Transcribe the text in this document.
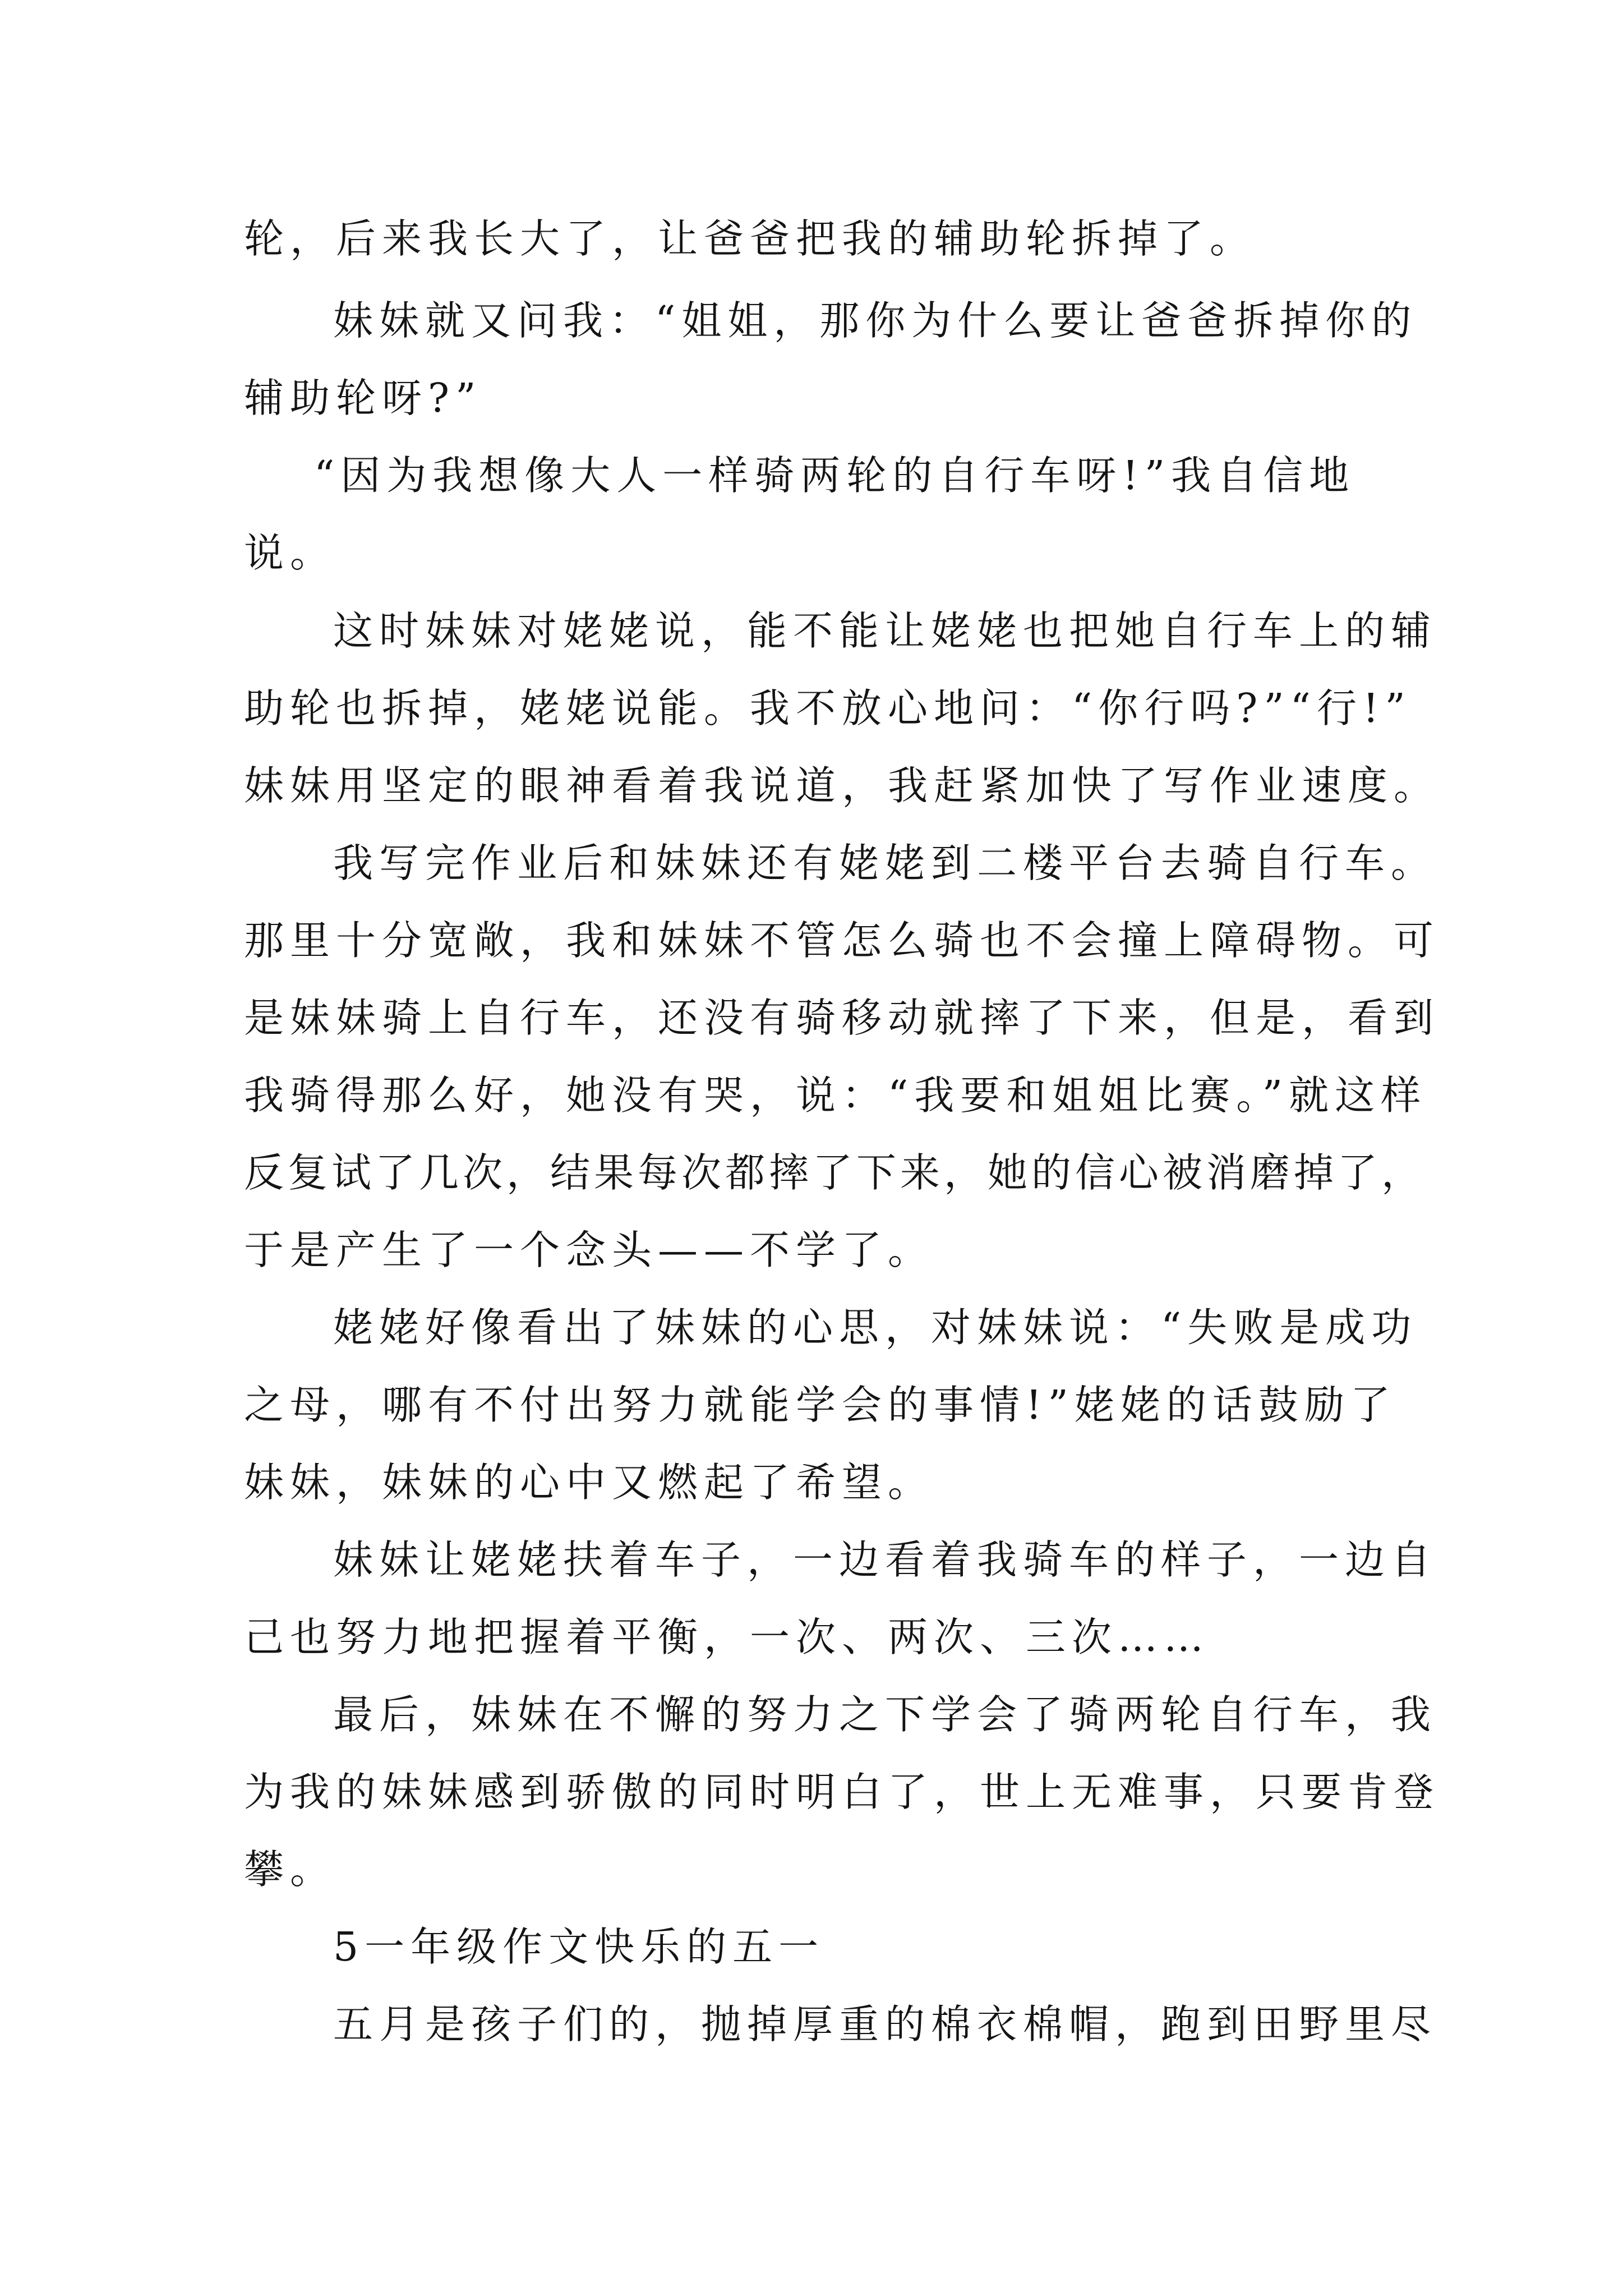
轮，后来我长大了，让爸爸把我的辅助轮拆掉了。

妹妹就又问我：“姐姐，那你为什么要让爸爸拆掉你的

辅助轮呀?”

“因为我想像大人一样骑两轮的自行车呀!”我自信地

说。

这时妹妹对姥姥说，能不能让姥姥也把她自行车上的辅

助轮也拆掉，姥姥说能。我不放心地问：“你行吗?”“行!”

妹妹用坚定的眼神看着我说道，我赶紧加快了写作业速度。

我写完作业后和妹妹还有姥姥到二楼平台去骑自行车。

那里十分宽敞，我和妹妹不管怎么骑也不会撞上障碍物。可

是妹妹骑上自行车，还没有骑移动就摔了下来，但是，看到

我骑得那么好，她没有哭，说：“我要和姐姐比赛。”就这样

反复试了几次，结果每次都摔了下来，她的信心被消磨掉了，

于是产生了一个念头——不学了。

姥姥好像看出了妹妹的心思，对妹妹说：“失败是成功

之母，哪有不付出努力就能学会的事情!”姥姥的话鼓励了

妹妹，妹妹的心中又燃起了希望。

妹妹让姥姥扶着车子，一边看着我骑车的样子，一边自

己也努力地把握着平衡，一次、两次、三次……

最后，妹妹在不懈的努力之下学会了骑两轮自行车，我

为我的妹妹感到骄傲的同时明白了，世上无难事，只要肯登

攀。

5一年级作文快乐的五一

五月是孩子们的，抛掉厚重的棉衣棉帽，跑到田野里尽
